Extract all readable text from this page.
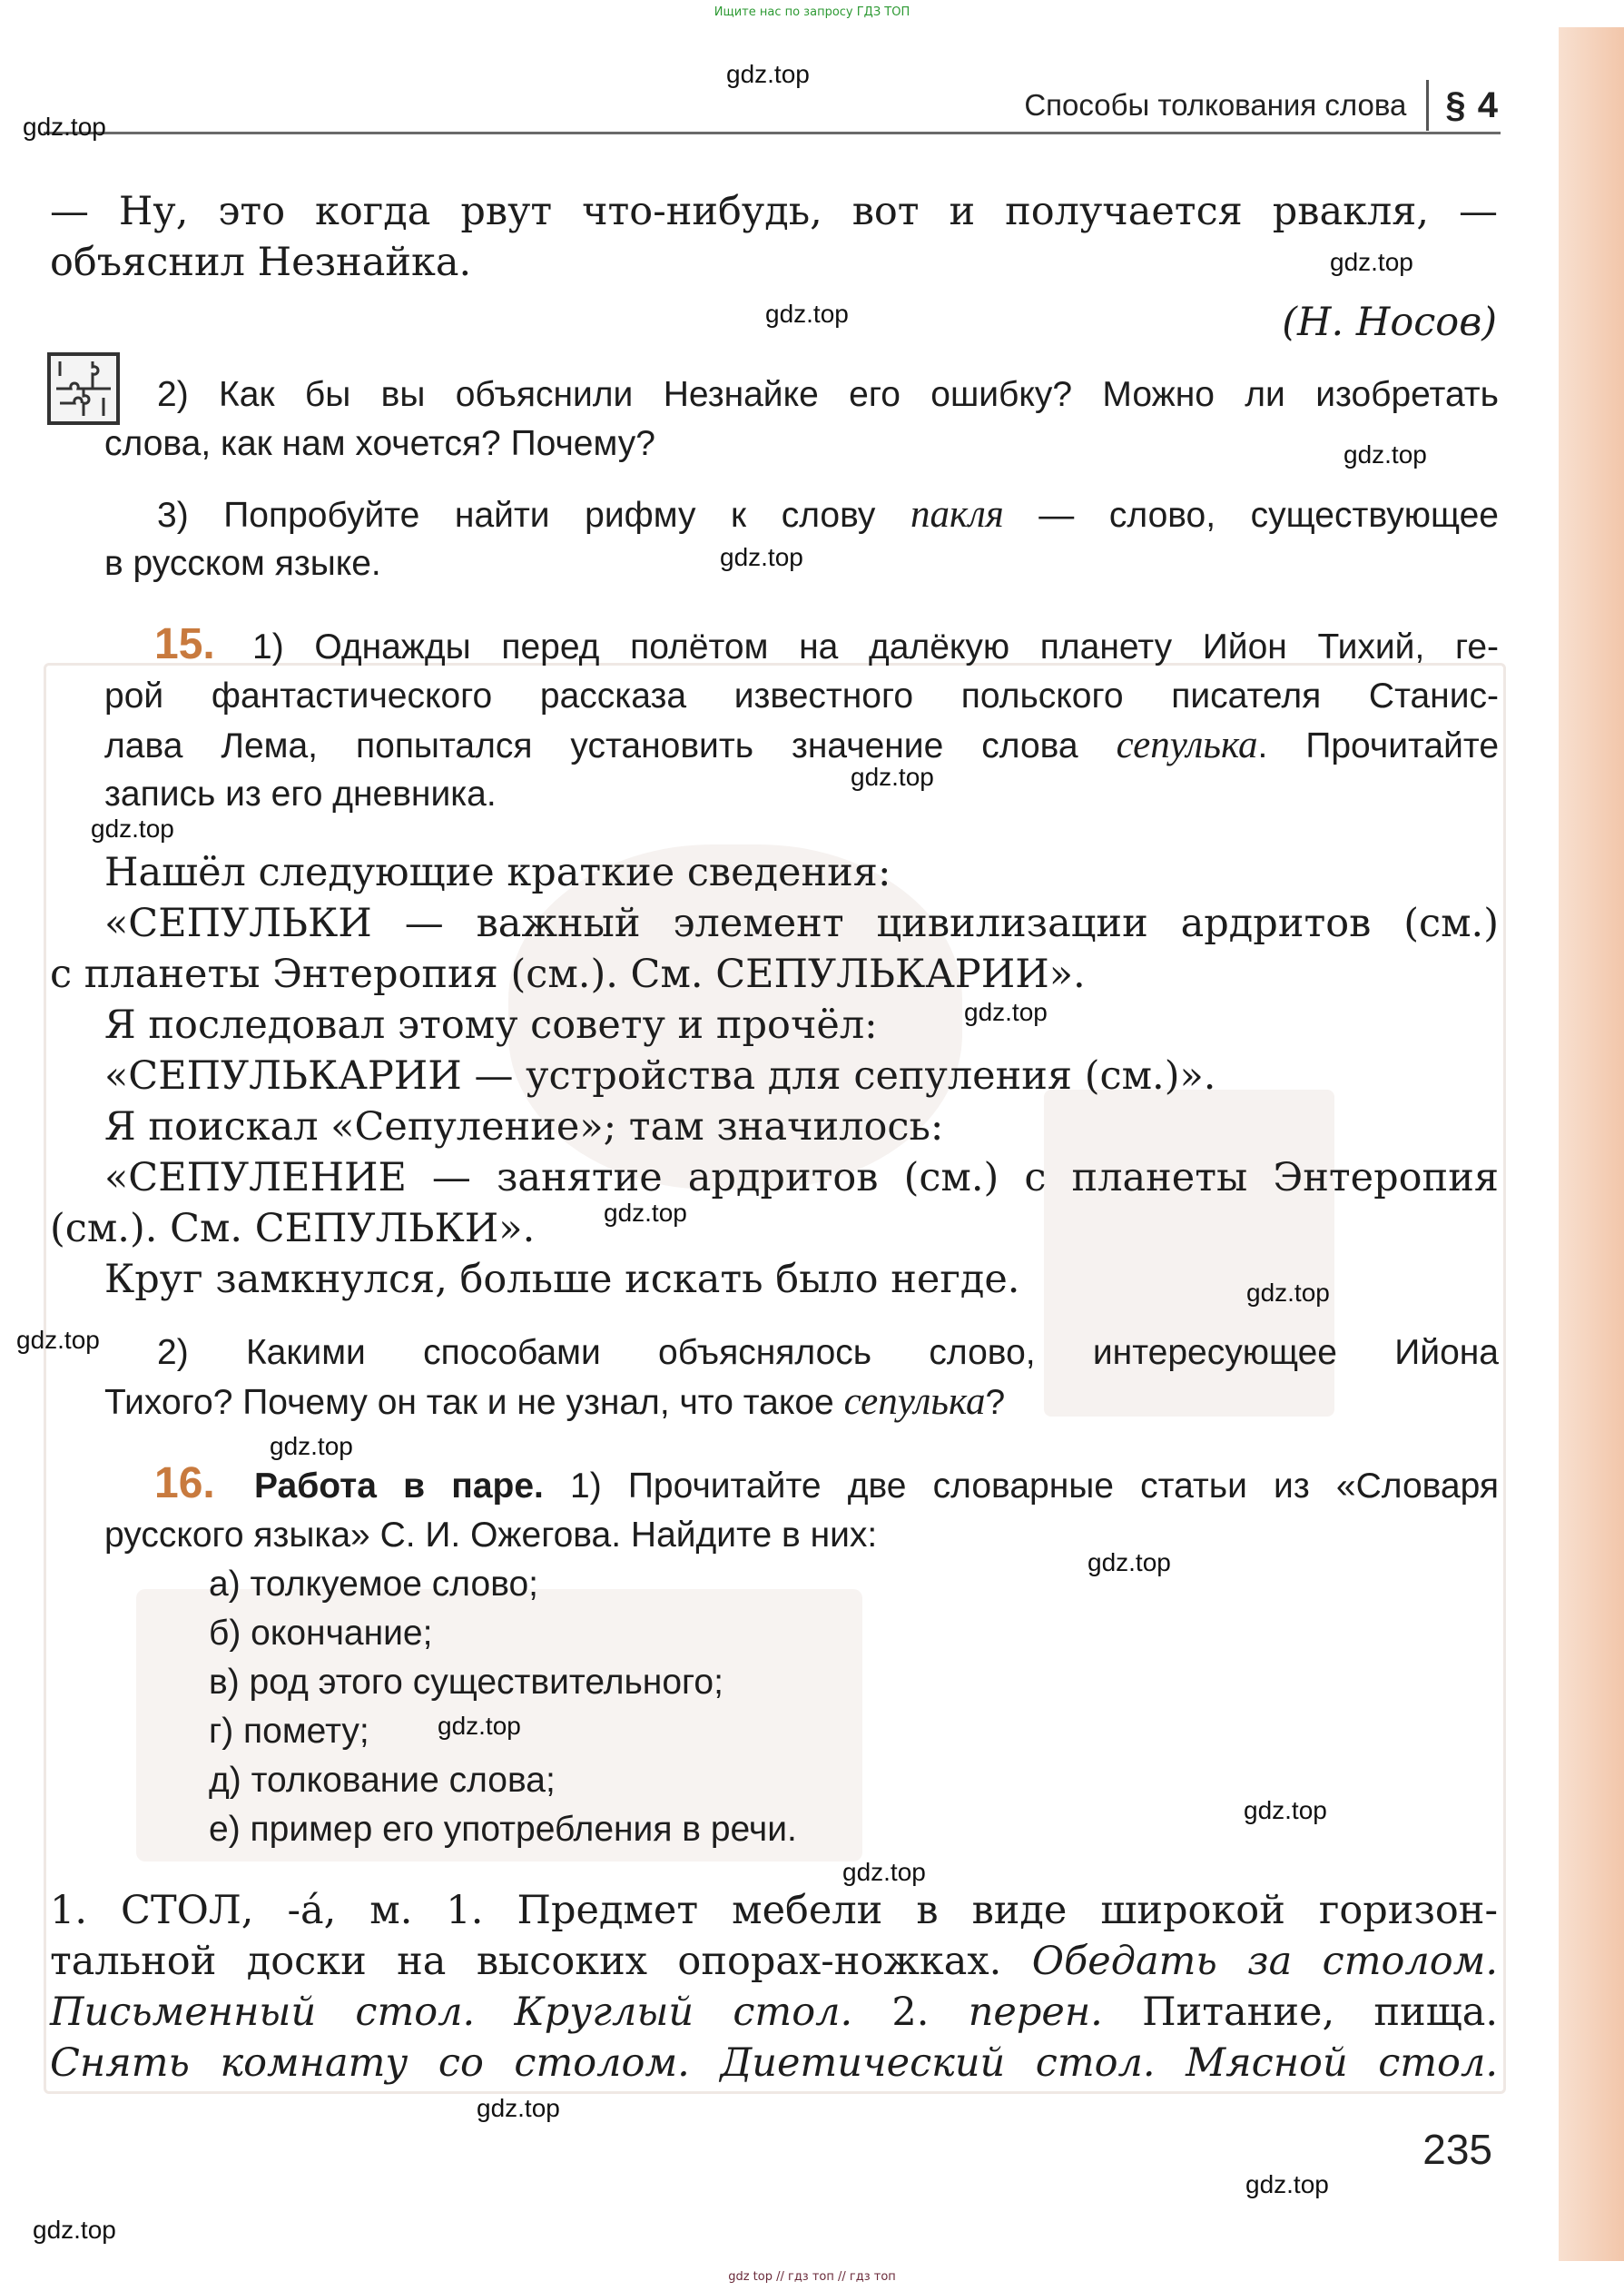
Ищите нас по запросу ГДЗ ТОП
Способы толкования слова § 4
gdz.top
gdz.top
gdz.top
gdz.top
gdz.top
gdz.top
gdz.top
gdz.top
gdz.top
gdz.top
gdz.top
gdz.top
gdz.top
gdz.top
gdz.top
gdz.top
gdz.top
gdz.top
gdz.top
gdz.top
— Ну, это когда рвут что-нибудь, вот и получается рвакля, —
объяснил Незнайка.
(Н. Носов)
2) Как бы вы объяснили Незнайке его ошибку? Можно ли изобретать
слова, как нам хочется? Почему?
3) Попробуйте найти рифму к слову пакля — слово, существующее
в русском языке.
15. 1) Однажды перед полётом на далёкую планету Ийон Тихий, ге-
рой фантастического рассказа известного польского писателя Станис-
лава Лема, попытался установить значение слова сепулька. Прочитайте
запись из его дневника.
Нашёл следующие краткие сведения:
«СЕПУЛЬКИ — важный элемент цивилизации ардритов (см.)
с планеты Энтеропия (см.). См. СЕПУЛЬКАРИИ».
Я последовал этому совету и прочёл:
«СЕПУЛЬКАРИИ — устройства для сепуления (см.)».
Я поискал «Сепуление»; там значилось:
«СЕПУЛЕНИЕ — занятие ардритов (см.) с планеты Энтеропия
(см.). См. СЕПУЛЬКИ».
Круг замкнулся, больше искать было негде.
2) Какими способами объяснялось слово, интересующее Ийона
Тихого? Почему он так и не узнал, что такое сепулька?
16. Работа в паре. 1) Прочитайте две словарные статьи из «Словаря
русского языка» С. И. Ожегова. Найдите в них:
а) толкуемое слово;
б) окончание;
в) род этого существительного;
г) помету;
д) толкование слова;
е) пример его употребления в речи.
1. СТОЛ, -á, м. 1. Предмет мебели в виде широкой горизон-
тальной доски на высоких опорах-ножках. Обедать за столом.
Письменный стол. Круглый стол. 2. перен. Питание, пища.
Снять комнату со столом. Диетический стол. Мясной стол.
235
gdz top // гдз топ // гдз топ
